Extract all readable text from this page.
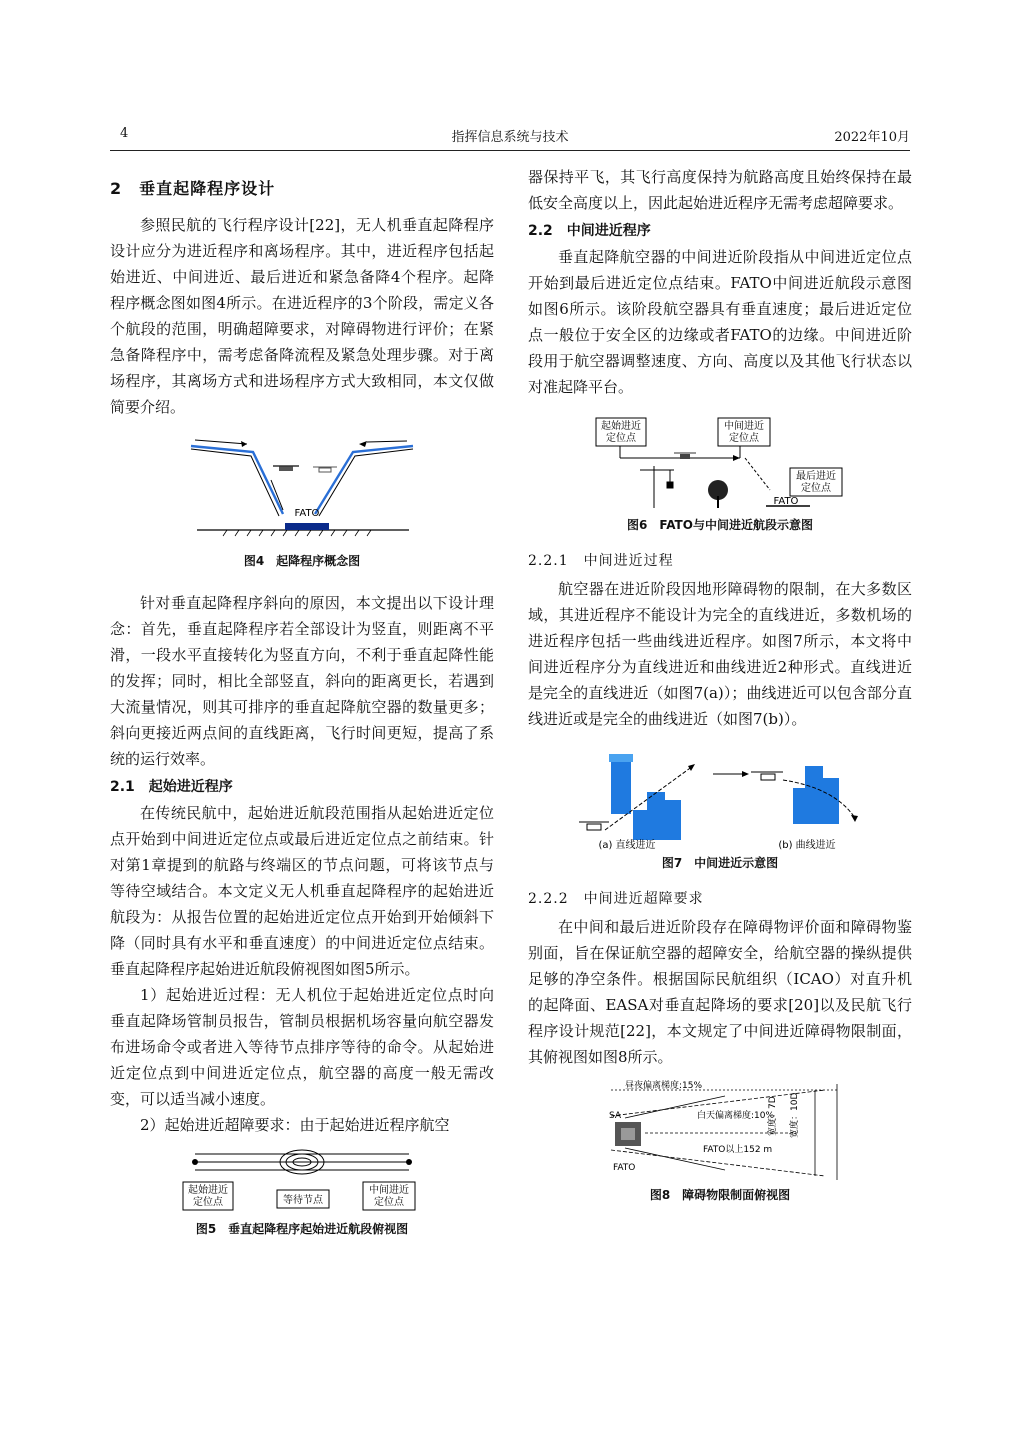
4	指挥信息系统与技术	2022年10月
2　垂直起降程序设计

参照民航的飞行程序设计[22]，无人机垂直起降程序设计应分为进近程序和离场程序。其中，进近程序包括起始进近、中间进近、最后进近和紧急备降4个程序。起降程序概念图如图4所示。在进近程序的3个阶段，需定义各个航段的范围，明确超障要求，对障碍物进行评价；在紧急备降程序中，需考虑备降流程及紧急处理步骤。对于离场程序，其离场方式和进场程序方式大致相同，本文仅做简要介绍。

FATO
图4　起降程序概念图

针对垂直起降程序斜向的原因，本文提出以下设计理念：首先，垂直起降程序若全部设计为竖直，则距离不平滑，一段水平直接转化为竖直方向，不利于垂直起降性能的发挥；同时，相比全部竖直，斜向的距离更长，若遇到大流量情况，则其可排序的垂直起降航空器的数量更多；斜向更接近两点间的直线距离，飞行时间更短，提高了系统的运行效率。

2.1　起始进近程序

在传统民航中，起始进近航段范围指从起始进近定位点开始到中间进近定位点或最后进近定位点之前结束。针对第1章提到的航路与终端区的节点问题，可将该节点与等待空域结合。本文定义无人机垂直起降程序的起始进近航段为：从报告位置的起始进近定位点开始到开始倾斜下降（同时具有水平和垂直速度）的中间进近定位点结束。垂直起降程序起始进近航段俯视图如图5所示。

1）起始进近过程：无人机位于起始进近定位点时向垂直起降场管制员报告，管制员根据机场容量向航空器发布进场命令或者进入等待节点排序等待的命令。从起始进近定位点到中间进近定位点，航空器的高度一般无需改变，可以适当减小速度。

2）起始进近超障要求：由于起始进近程序航空

起始进近
定位点	等待节点
中间进近
定位点
图5　垂直起降程序起始进近航段俯视图

器保持平飞，其飞行高度保持为航路高度且始终保持在最低安全高度以上，因此起始进近程序无需考虑超障要求。

2.2　中间进近程序

垂直起降航空器的中间进近阶段指从中间进近定位点开始到最后进近定位点结束。FATO中间进近航段示意图如图6所示。该阶段航空器具有垂直速度；最后进近定位点一般位于安全区的边缘或者FATO的边缘。中间进近阶段用于航空器调整速度、方向、高度以及其他飞行状态以对准起降平台。

起始进近
定位点
中间进近
定位点
最后进近
定位点
FATO
图6　FATO与中间进近航段示意图
2.2.1　中间进近过程

航空器在进近阶段因地形障碍物的限制，在大多数区域，其进近程序不能设计为完全的直线进近，多数机场的进近程序包括一些曲线进近程序。如图7所示，本文将中间进近程序分为直线进近和曲线进近2种形式。直线进近是完全的直线进近（如图7(a)）；曲线进近可以包含部分直线进近或是完全的曲线进近（如图7(b)）。

(a) 直线进近	(b) 曲线进近
图7　中间进近示意图
2.2.2　中间进近超障要求

在中间和最后进近阶段存在障碍物评价面和障碍物鉴别面，旨在保证航空器的超障安全，给航空器的操纵提供足够的净空条件。根据国际民航组织（ICAO）对直升机的起降面、EASA对垂直起降场的要求[20]以及民航飞行程序设计规范[22]，本文规定了中间进近障碍物限制面，其俯视图如图8所示。

昼夜偏离梯度:15%
SA
FATO
白天偏离梯度:10%
FATO以上152 m
宽度：7D 宽度：10D
图8　障碍物限制面俯视图
